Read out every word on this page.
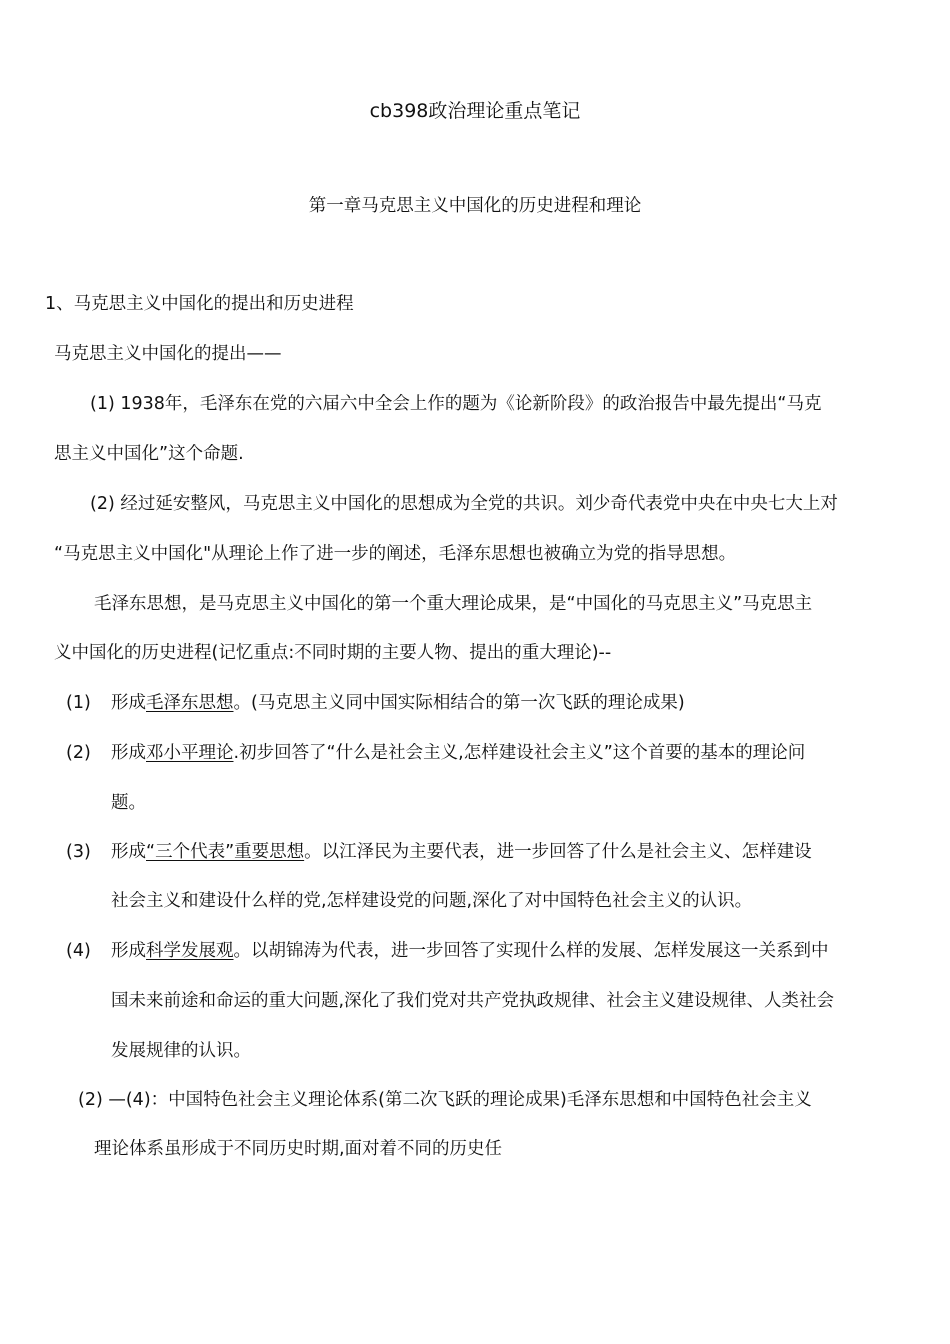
cb398政治理论重点笔记
第一章马克思主义中国化的历史进程和理论
1、马克思主义中国化的提出和历史进程
马克思主义中国化的提出——
(1) 1938年，毛泽东在党的六届六中全会上作的题为《论新阶段》的政治报告中最先提出“马克
思主义中国化”这个命题.
(2) 经过延安整风，马克思主义中国化的思想成为全党的共识。刘少奇代表党中央在中央七大上对
“马克思主义中国化"从理论上作了进一步的阐述，毛泽东思想也被确立为党的指导思想。
毛泽东思想，是马克思主义中国化的第一个重大理论成果，是“中国化的马克思主义”马克思主
义中国化的历史进程(记忆重点:不同时期的主要人物、提出的重大理论)--
(1) 形成毛泽东思想。(马克思主义同中国实际相结合的第一次飞跃的理论成果)
(2) 形成邓小平理论.初步回答了“什么是社会主义,怎样建设社会主义”这个首要的基本的理论问
题。
(3) 形成“三个代表”重要思想。以江泽民为主要代表，进一步回答了什么是社会主义、怎样建设
社会主义和建设什么样的党,怎样建设党的问题,深化了对中国特色社会主义的认识。
(4) 形成科学发展观。以胡锦涛为代表，进一步回答了实现什么样的发展、怎样发展这一关系到中
国未来前途和命运的重大问题,深化了我们党对共产党执政规律、社会主义建设规律、人类社会
发展规律的认识。
(2) —(4)：中国特色社会主义理论体系(第二次飞跃的理论成果)毛泽东思想和中国特色社会主义
理论体系虽形成于不同历史时期,面对着不同的历史任
